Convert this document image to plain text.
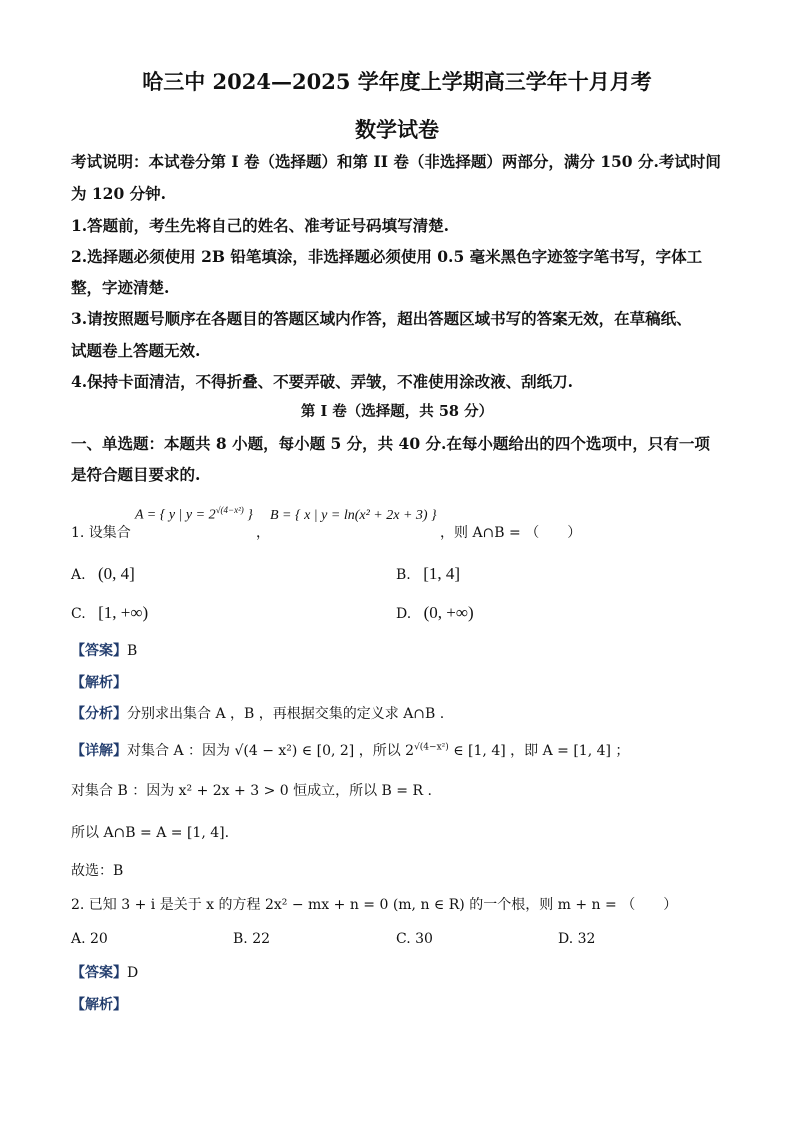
哈三中 2024—2025 学年度上学期高三学年十月月考
数学试卷
考试说明：本试卷分第 I 卷（选择题）和第 II 卷（非选择题）两部分，满分 150 分.考试时间
为 120 分钟.
1.答题前，考生先将自己的姓名、准考证号码填写清楚.
2.选择题必须使用 2B 铅笔填涂，非选择题必须使用 0.5 毫米黑色字迹签字笔书写，字体工
整，字迹清楚.
3.请按照题号顺序在各题目的答题区域内作答，超出答题区域书写的答案无效，在草稿纸、
试题卷上答题无效.
4.保持卡面清洁，不得折叠、不要弄破、弄皱，不准使用涂改液、刮纸刀.
第 I 卷（选择题，共 58 分）
一、单选题：本题共 8 小题，每小题 5 分，共 40 分.在每小题给出的四个选项中，只有一项
是符合题目要求的.
1. 设集合
A = { y | $y = 2^{√(4-x^2)}$ }
，
B = { x | y = ln(x² + 2x + 3) }
，则 A∩B = （　　）
A. (0, 4]	B. [1, 4]
C. [1, +∞)	D. (0, +∞)
【答案】B
【解析】
【分析】分别求出集合 A ，B ，再根据交集的定义求 A∩B .
【详解】对集合 A ：因为 √(4 − x²) ∈ [0, 2] ，所以 $2^{√(4-x^2)}$ ∈ [1, 4] ，即 A = [1, 4] ；
对集合 B ：因为 x² + 2x + 3 > 0 恒成立，所以 B = R .
所以 A∩B = A = [1, 4].
故选：B
2. 已知 3 + i 是关于 x 的方程 2x² − mx + n = 0 (m, n ∈ R) 的一个根，则 m + n = （　　）
A. 20	B. 22	C. 30	D. 32
【答案】D
【解析】
